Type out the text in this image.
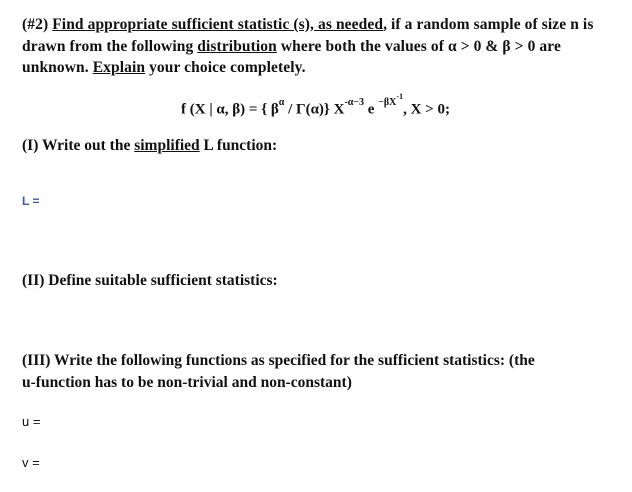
(#2) Find appropriate sufficient statistic (s), as needed, if a random sample of size n is
drawn from the following distribution where both the values of α > 0 & β > 0 are
unknown. Explain your choice completely.
f (X | α, β) = { $\beta^\alpha / \Gamma(\alpha)$} $X^{-\alpha-3}$ e $^{-\beta X^{-1}}$, X > 0;
(I) Write out the simplified L function:
L =
(II) Define suitable sufficient statistics:
(III) Write the following functions as specified for the sufficient statistics: (the
u-function has to be non-trivial and non-constant)
u =
v =
